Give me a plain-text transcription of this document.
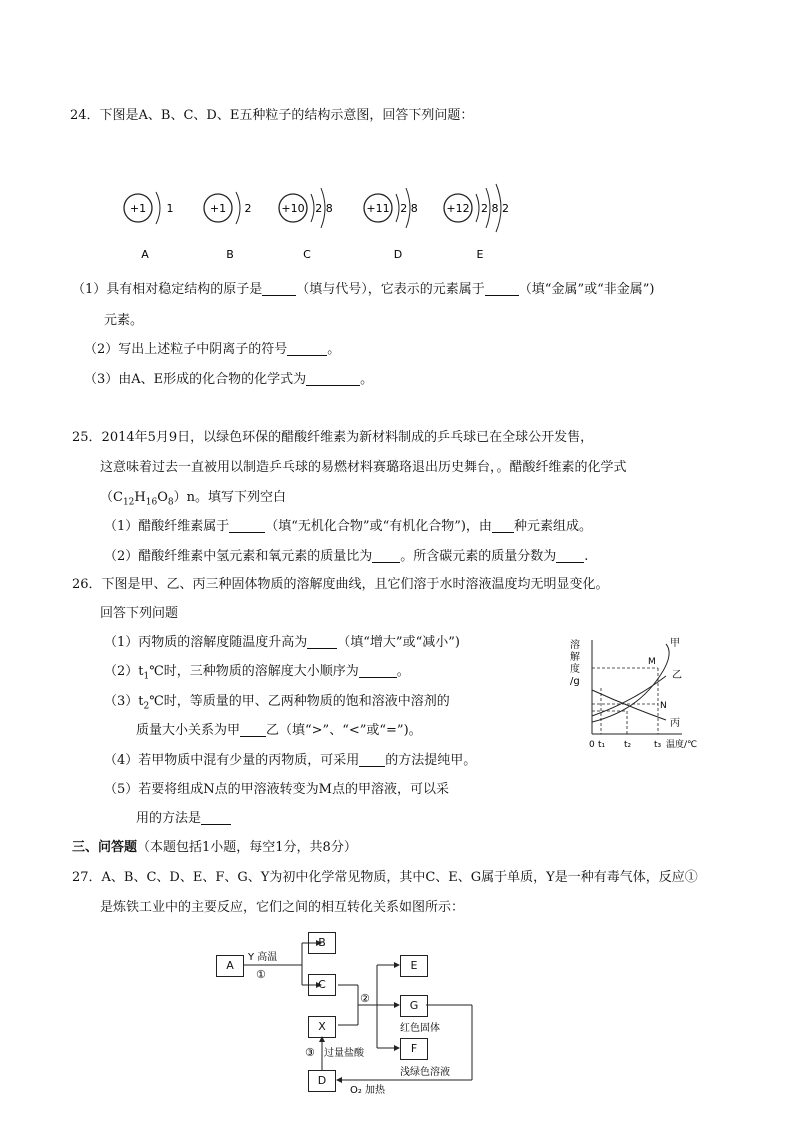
24．下图是A、B、C、D、E五种粒子的结构示意图，回答下列问题：
+1 1
A
+1 2
B
+10 2 8
C
+11 2 8
D
+12 2 8 2
E
（1）具有相对稳定结构的原子是	（填与代号），它表示的元素属于	（填“金属”或“非金属”)
元素。
（2）写出上述粒子中阴离子的符号	。
（3）由A、E形成的化合物的化学式为	。
25．2014年5月9日，以绿色环保的醋酸纤维素为新材料制成的乒乓球已在全球公开发售，
这意味着过去一直被用以制造乒乓球的易燃材料赛璐珞退出历史舞台，。醋酸纤维素的化学式
$(C_{12}H_{16}O_8)n$。填写下列空白
（1）醋酸纤维素属于	（填“无机化合物”或“有机化合物”)，由 种元素组成。
（2）醋酸纤维素中氢元素和氧元素的质量比为 。所含碳元素的质量分数为 .
26．下图是甲、乙、丙三种固体物质的溶解度曲线，且它们溶于水时溶液温度均无明显变化。
回答下列问题
（1）丙物质的溶解度随温度升高为 （填“增大”或“减小”)
$(2)t_1℃$时，三种物质的溶解度大小顺序为	。
$(3)t_2℃$时，等质量的甲、乙两种物质的饱和溶液中溶剂的
质量大小关系为甲 乙（填“>”、“<”或“=”)。
（4）若甲物质中混有少量的丙物质，可采用 的方法提纯甲。
（5）若要将组成N点的甲溶液转变为M点的甲溶液，可以采
用的方法是
溶
解
度
/g
甲
乙
丙
M
N
0 t₁ t₂	t₃ 温度/℃
三、问答题（本题包括1小题，每空1分，共8分）
27．A、B、C、D、E、F、G、Y为初中化学常见物质，其中C、E、G属于单质，Y是一种有毒气体，反应①
是炼铁工业中的主要反应，它们之间的相互转化关系如图所示：
Y 高温
①
②
③ 过量盐酸
红色固体
浅绿色溶液
O₂ 加热
A
B
C
X
D
E
G
F
